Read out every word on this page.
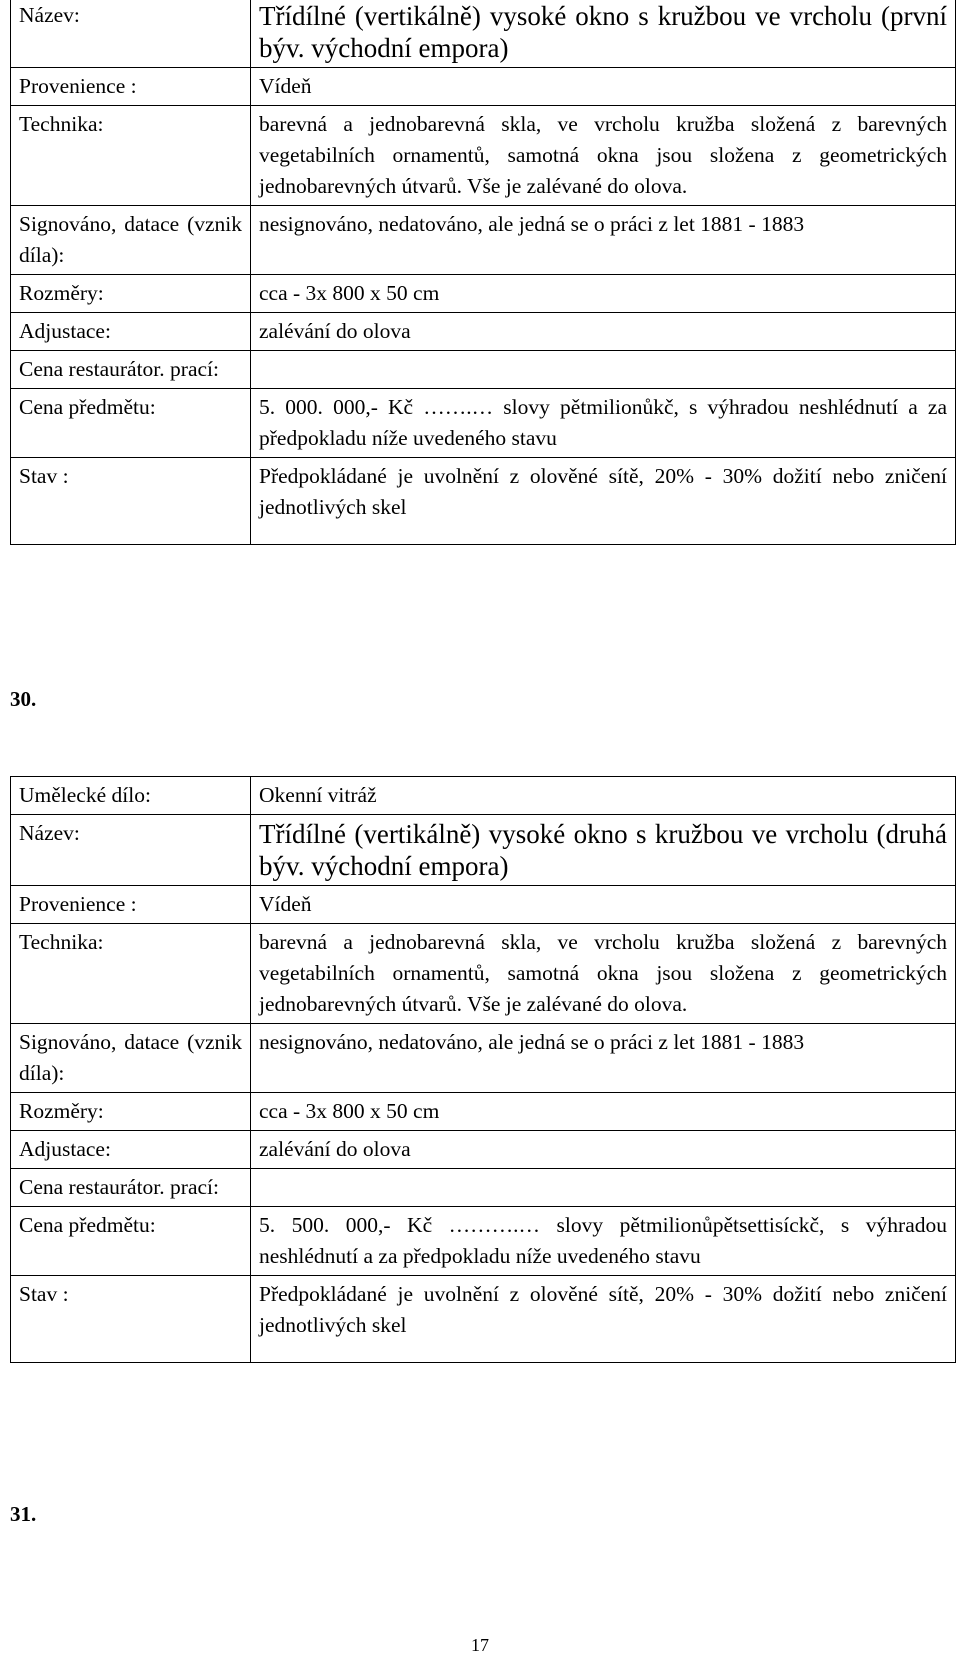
Název:	Třídílné (vertikálně) vysoké okno s kružbou ve vrcholu (první býv. východní empora)
Provenience :	Vídeň
Technika:	barevná a jednobarevná skla, ve vrcholu kružba složená z barevných vegetabilních ornamentů, samotná okna jsou složena z geometrických jednobarevných útvarů. Vše je zalévané do olova.
Signováno, datace (vznik díla):	nesignováno, nedatováno, ale jedná se o práci z let 1881 - 1883
Rozměry:	cca - 3x 800 x 50 cm
Adjustace:	zalévání do olova
Cena restaurátor. prací:	
Cena předmětu:	5. 000. 000,- Kč …….… slovy pětmilionůkč, s výhradou neshlédnutí a za předpokladu níže uvedeného stavu
Stav :	Předpokládané je uvolnění z olověné sítě, 20% - 30% dožití nebo zničení jednotlivých skel
30.
Umělecké dílo:	Okenní vitráž
Název:	Třídílné (vertikálně) vysoké okno s kružbou ve vrcholu (druhá býv. východní empora)
Provenience :	Vídeň
Technika:	barevná a jednobarevná skla, ve vrcholu kružba složená z barevných vegetabilních ornamentů, samotná okna jsou složena z geometrických jednobarevných útvarů. Vše je zalévané do olova.
Signováno, datace (vznik díla):	nesignováno, nedatováno, ale jedná se o práci z let 1881 - 1883
Rozměry:	cca - 3x 800 x 50 cm
Adjustace:	zalévání do olova
Cena restaurátor. prací:	
Cena předmětu:	5. 500. 000,- Kč ……….… slovy pětmilionůpětsettisíckč, s výhradou neshlédnutí a za předpokladu níže uvedeného stavu
Stav :	Předpokládané je uvolnění z olověné sítě, 20% - 30% dožití nebo zničení jednotlivých skel
31.
17
